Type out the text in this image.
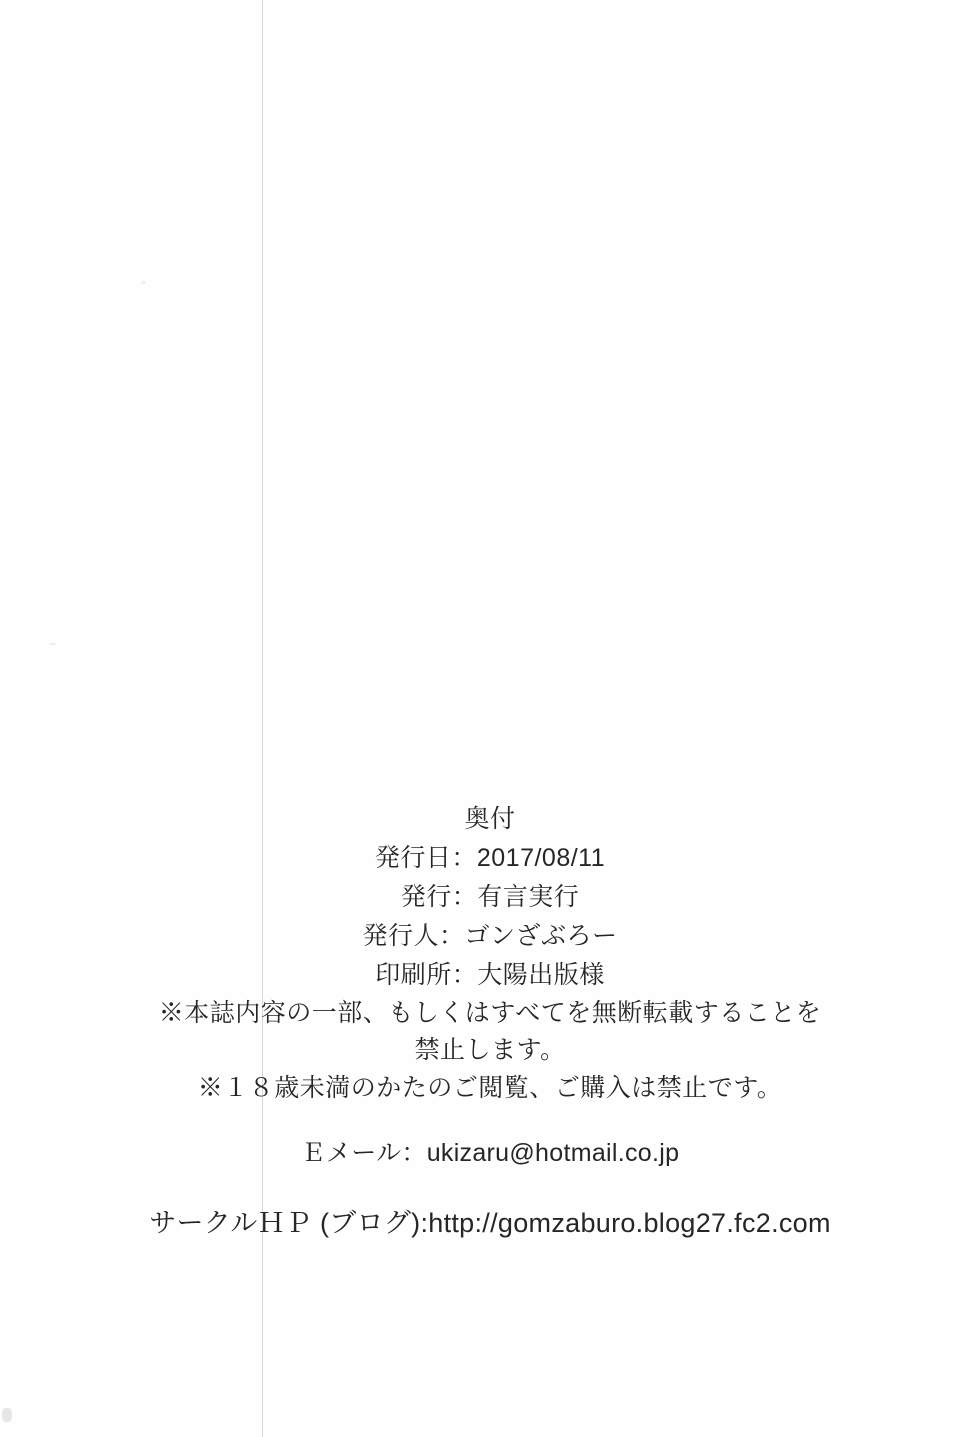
奥付

発行日：2017/08/11

発行：有言実行

発行人：ゴンざぶろー

印刷所：大陽出版様

※本誌内容の一部、もしくはすべてを無断転載することを

禁止します。

※１８歳未満のかたのご閲覧、ご購入は禁止です。

Ｅメール：ukizaru@hotmail.co.jp

サークルＨＰ (ブログ):http://gomzaburo.blog27.fc2.com
